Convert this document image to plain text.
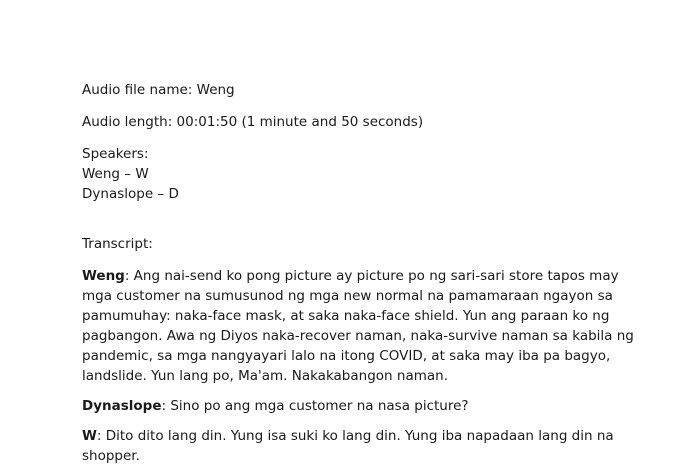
Audio file name: Weng
Audio length: 00:01:50 (1 minute and 50 seconds)
Speakers:
Weng – W
Dynaslope – D
Transcript:
Weng: Ang nai-send ko pong picture ay picture po ng sari-sari store tapos may mga customer na sumusunod ng mga new normal na pamamaraan ngayon sa pamumuhay: naka-face mask, at saka naka-face shield. Yun ang paraan ko ng pagbangon. Awa ng Diyos naka-recover naman, naka-survive naman sa kabila ng pandemic, sa mga nangyayari lalo na itong COVID, at saka may iba pa bagyo, landslide. Yun lang po, Ma'am. Nakakabangon naman.
Dynaslope: Sino po ang mga customer na nasa picture?
W: Dito dito lang din. Yung isa suki ko lang din. Yung iba napadaan lang din na shopper.
